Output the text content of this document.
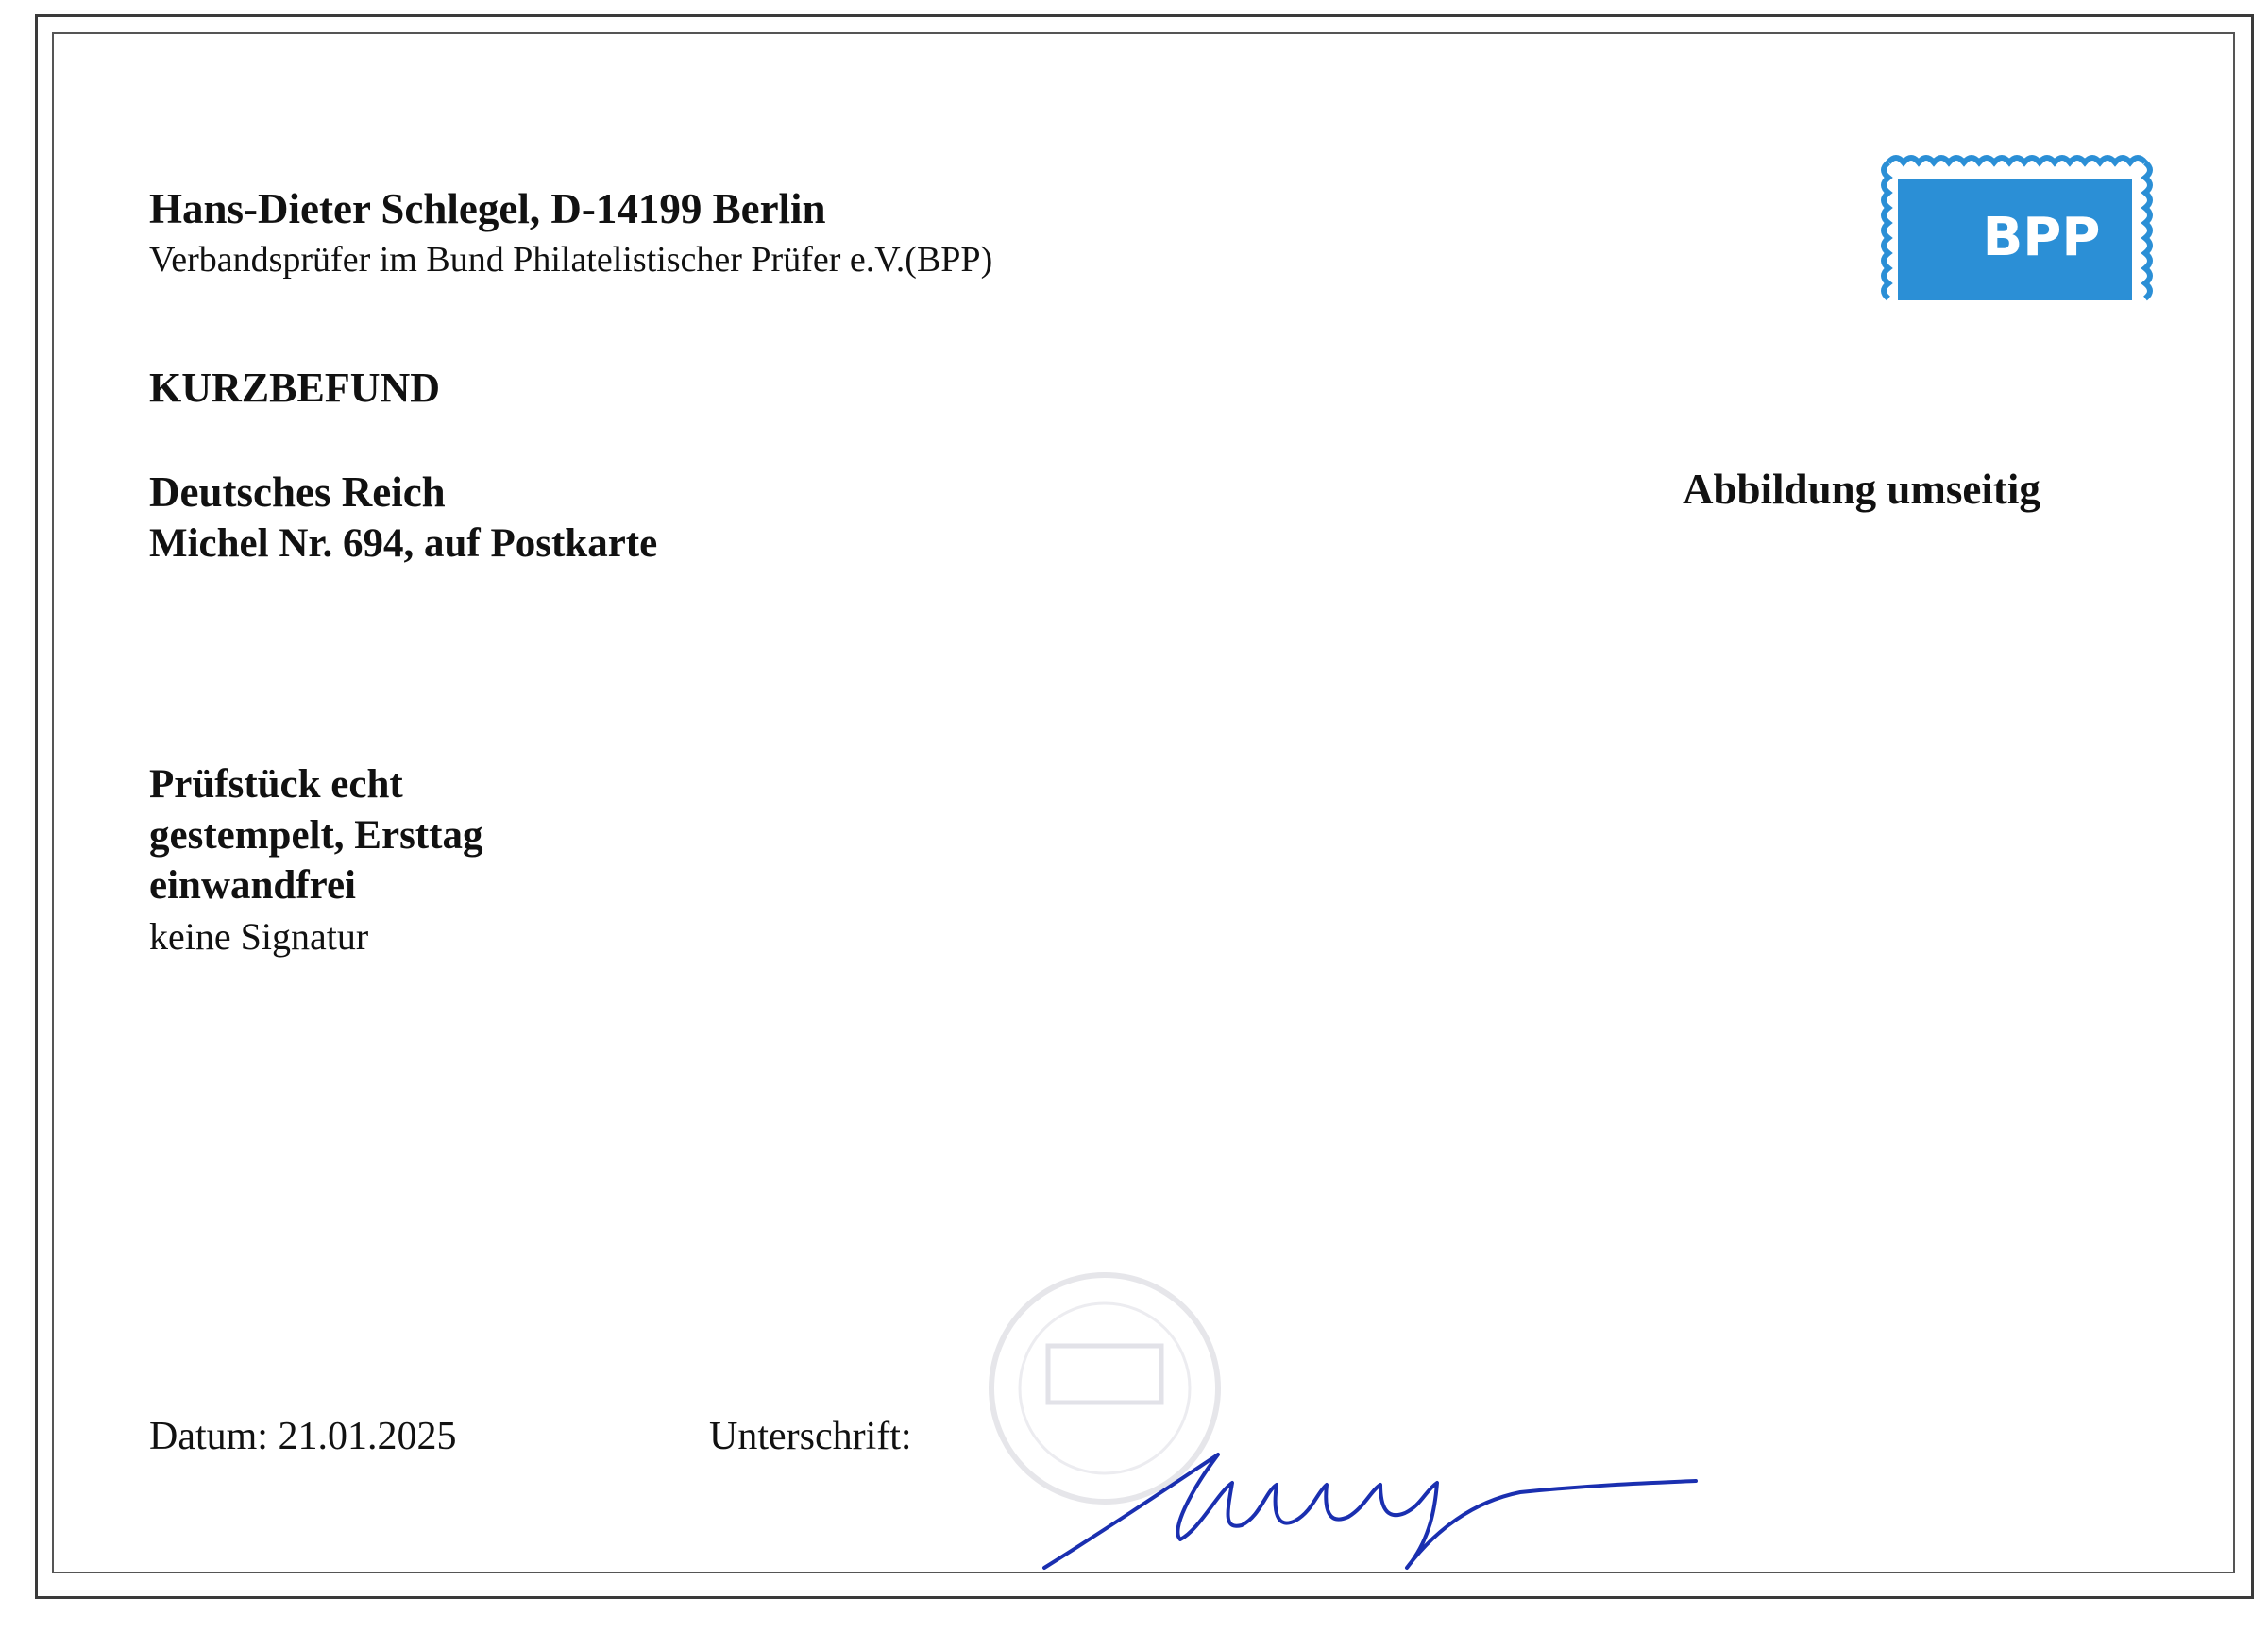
Hans-Dieter Schlegel, D-14199 Berlin
Verbandsprüfer im Bund Philatelistischer Prüfer e.V.(BPP)	BPP
KURZBEFUND
Deutsches Reich
Michel Nr. 694, auf Postkarte
Abbildung umseitig
Prüfstück echt
gestempelt, Ersttag
einwandfrei
keine Signatur
Datum: 21.01.2025	Unterschrift:
